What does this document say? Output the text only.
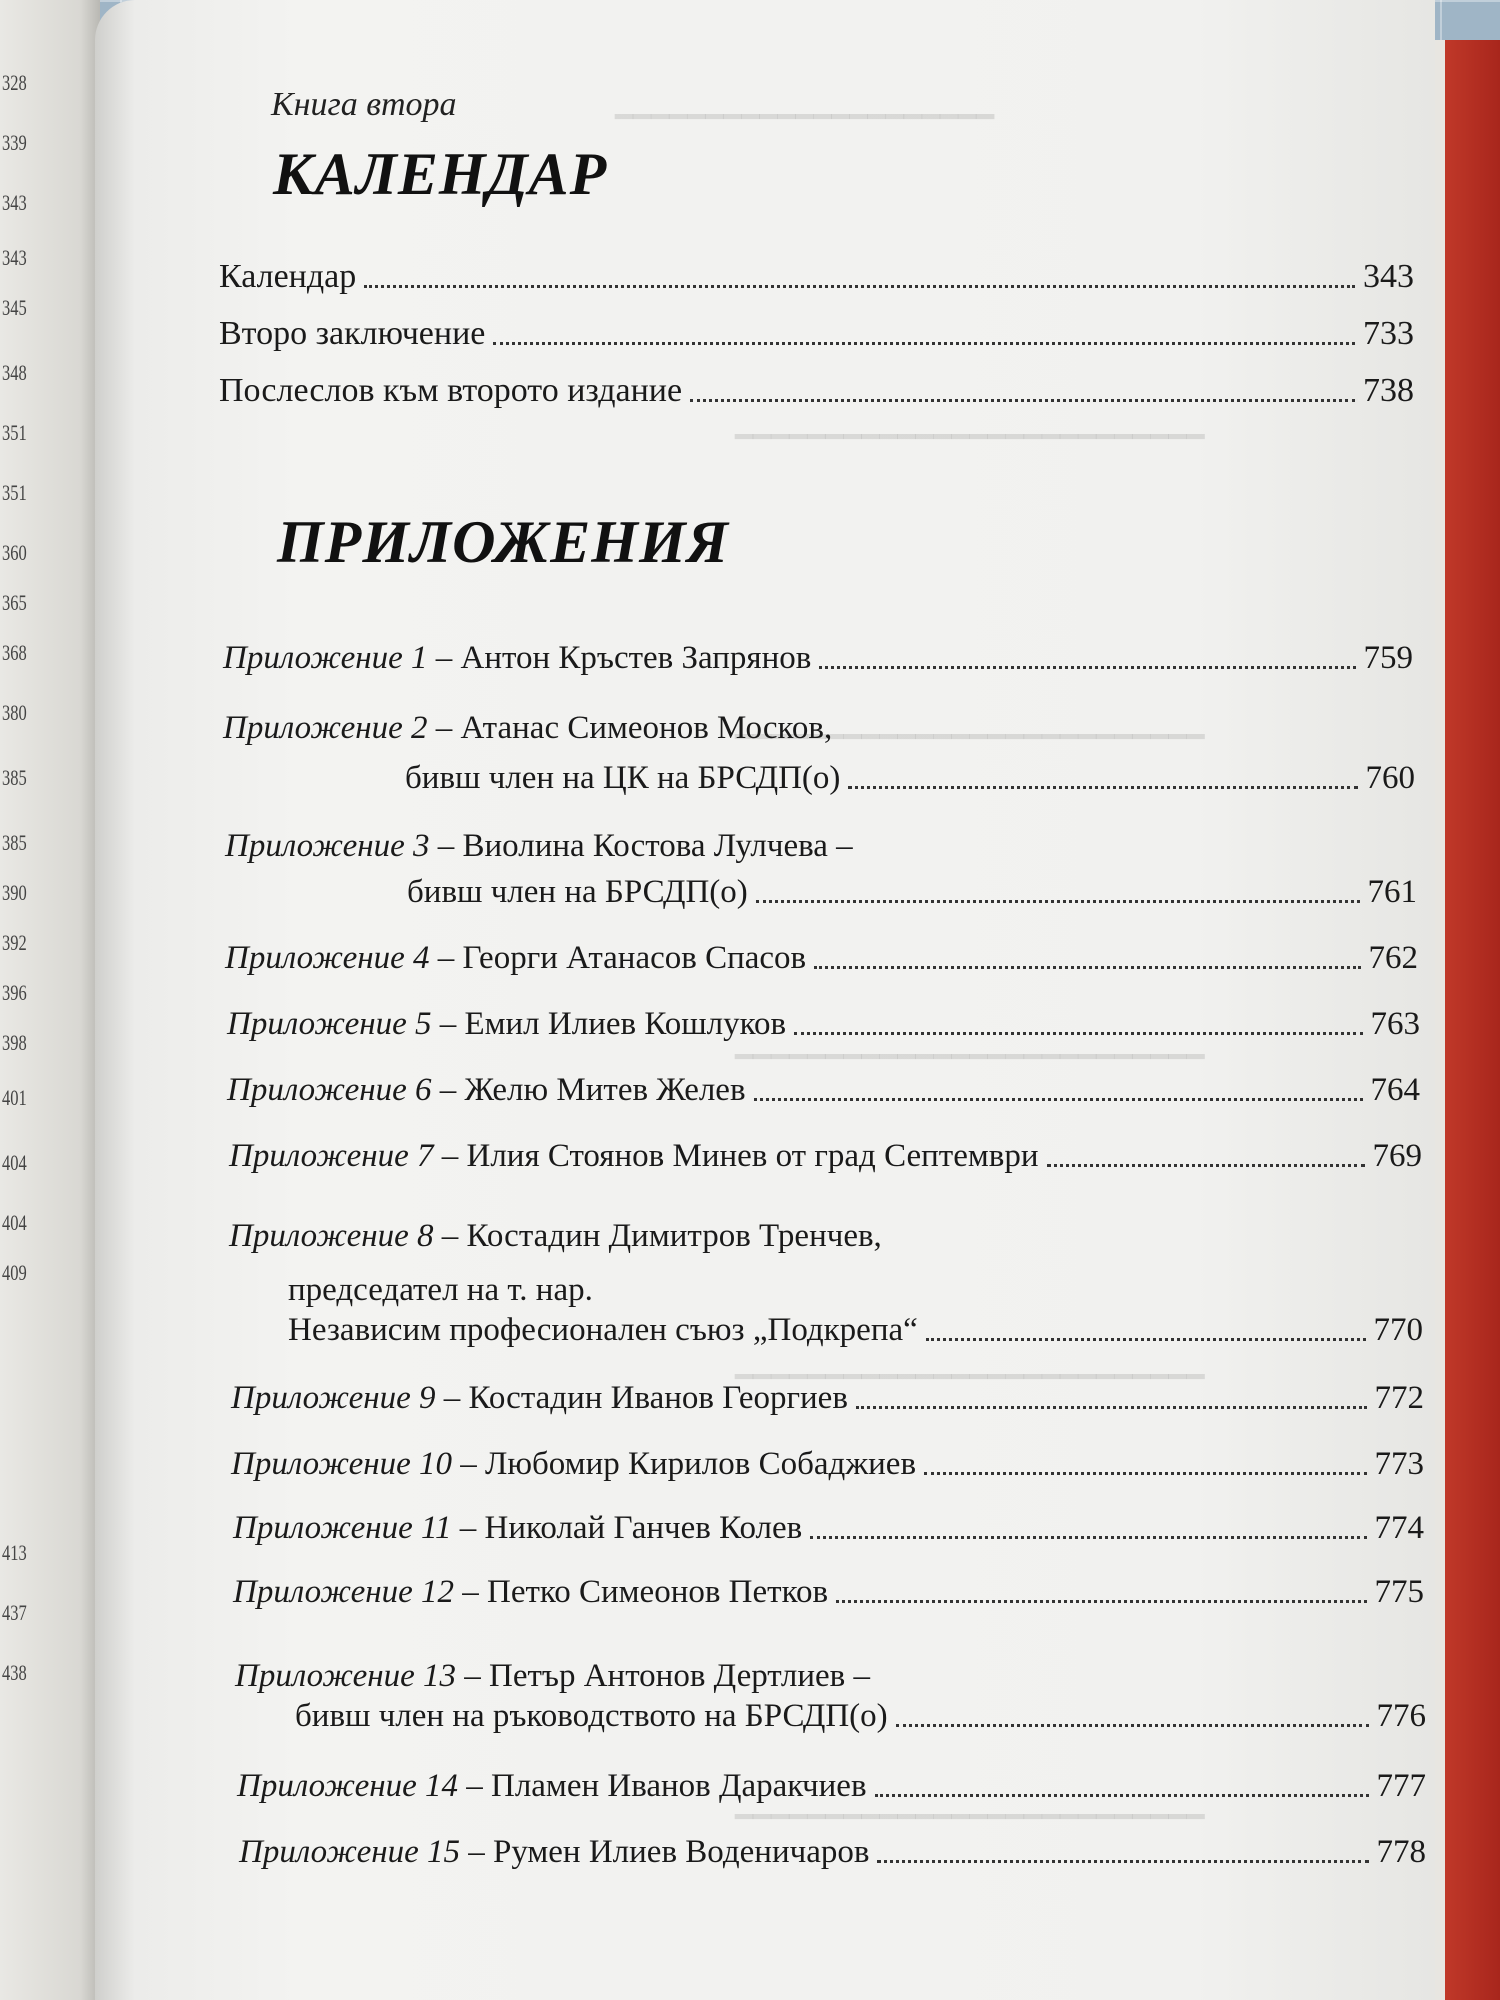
328
339
343
343
345
348
351
351
360
365
368
380
385
385
390
392
396
398
401
404
404
409
413
437
438
━━━━━━━━━━━━━━━━━━━━━
━━━━━━━━━━━━━━━━━━━━━━━━━━
━━━━━━━━━━━━━━━━━━━━━━━━━━
━━━━━━━━━━━━━━━━━━━━━━━━━━
━━━━━━━━━━━━━━━━━━━━━━━━━━
━━━━━━━━━━━━━━━━━━━━━━━━━━
Книга втора
КАЛЕНДАР
Календар	343
Второ заключение	733
Послеслов към второто издание	738
ПРИЛОЖЕНИЯ
Приложение 1 – Антон Кръстев Запрянов	759
Приложение 2 – Атанас Симеонов Москов,
бивш член на ЦК на БРСДП(о)	760
Приложение 3 – Виолина Костова Лулчева –
бивш член на БРСДП(о)	761
Приложение 4 – Георги Атанасов Спасов	762
Приложение 5 – Емил Илиев Кошлуков	763
Приложение 6 – Желю Митев Желев	764
Приложение 7 – Илия Стоянов Минев от град Септември	769
Приложение 8 – Костадин Димитров Тренчев,
председател на т. нар.
Независим професионален съюз „Подкрепа“	770
Приложение 9 – Костадин Иванов Георгиев	772
Приложение 10 – Любомир Кирилов Собаджиев	773
Приложение 11 – Николай Ганчев Колев	774
Приложение 12 – Петко Симеонов Петков	775
Приложение 13 – Петър Антонов Дертлиев –
бивш член на ръководството на БРСДП(о)	776
Приложение 14 – Пламен Иванов Даракчиев	777
Приложение 15 – Румен Илиев Воденичаров	778
